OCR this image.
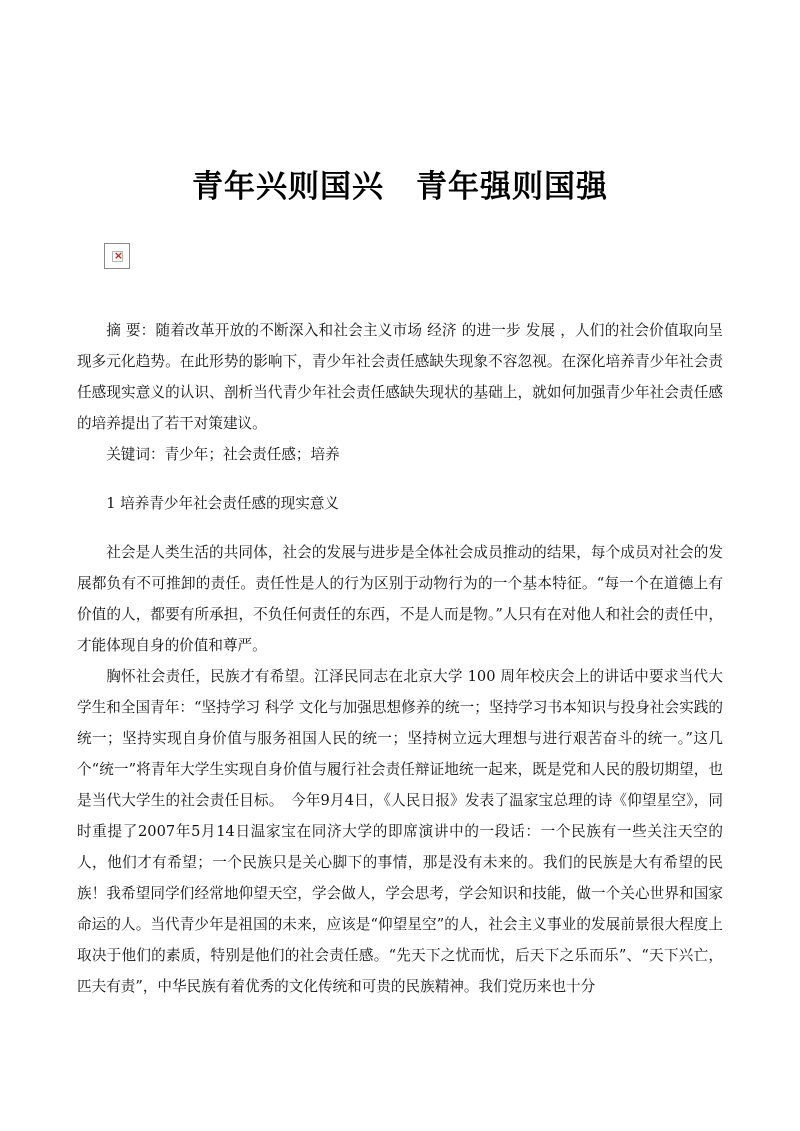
青年兴则国兴　青年强则国强
×

摘 要：随着改革开放的不断深入和社会主义市场 经济 的进一步 发展 ，人们的社会价值取向呈现多元化趋势。在此形势的影响下，青少年社会责任感缺失现象不容忽视。在深化培养青少年社会责任感现实意义的认识、剖析当代青少年社会责任感缺失现状的基础上，就如何加强青少年社会责任感的培养提出了若干对策建议。

关键词：青少年；社会责任感；培养

1 培养青少年社会责任感的现实意义

社会是人类生活的共同体，社会的发展与进步是全体社会成员推动的结果，每个成员对社会的发展都负有不可推卸的责任。责任性是人的行为区别于动物行为的一个基本特征。“每一个在道德上有价值的人，都要有所承担，不负任何责任的东西，不是人而是物。”人只有在对他人和社会的责任中，才能体现自身的价值和尊严。

胸怀社会责任，民族才有希望。江泽民同志在北京大学 100 周年校庆会上的讲话中要求当代大学生和全国青年：“坚持学习 科学 文化与加强思想修养的统一；坚持学习书本知识与投身社会实践的统一；坚持实现自身价值与服务祖国人民的统一；坚持树立远大理想与进行艰苦奋斗的统一。”这几个“统一”将青年大学生实现自身价值与履行社会责任辩证地统一起来，既是党和人民的殷切期望，也是当代大学生的社会责任目标。　今年9月4日，《人民日报》发表了温家宝总理的诗《仰望星空》，同时重提了2007年5月14日温家宝在同济大学的即席演讲中的一段话：一个民族有一些关注天空的人，他们才有希望；一个民族只是关心脚下的事情，那是没有未来的。我们的民族是大有希望的民族！我希望同学们经常地仰望天空，学会做人，学会思考，学会知识和技能，做一个关心世界和国家命运的人。当代青少年是祖国的未来，应该是“仰望星空”的人，社会主义事业的发展前景很大程度上取决于他们的素质，特别是他们的社会责任感。“先天下之忧而忧，后天下之乐而乐”、“天下兴亡，匹夫有责”，中华民族有着优秀的文化传统和可贵的民族精神。我们党历来也十分
